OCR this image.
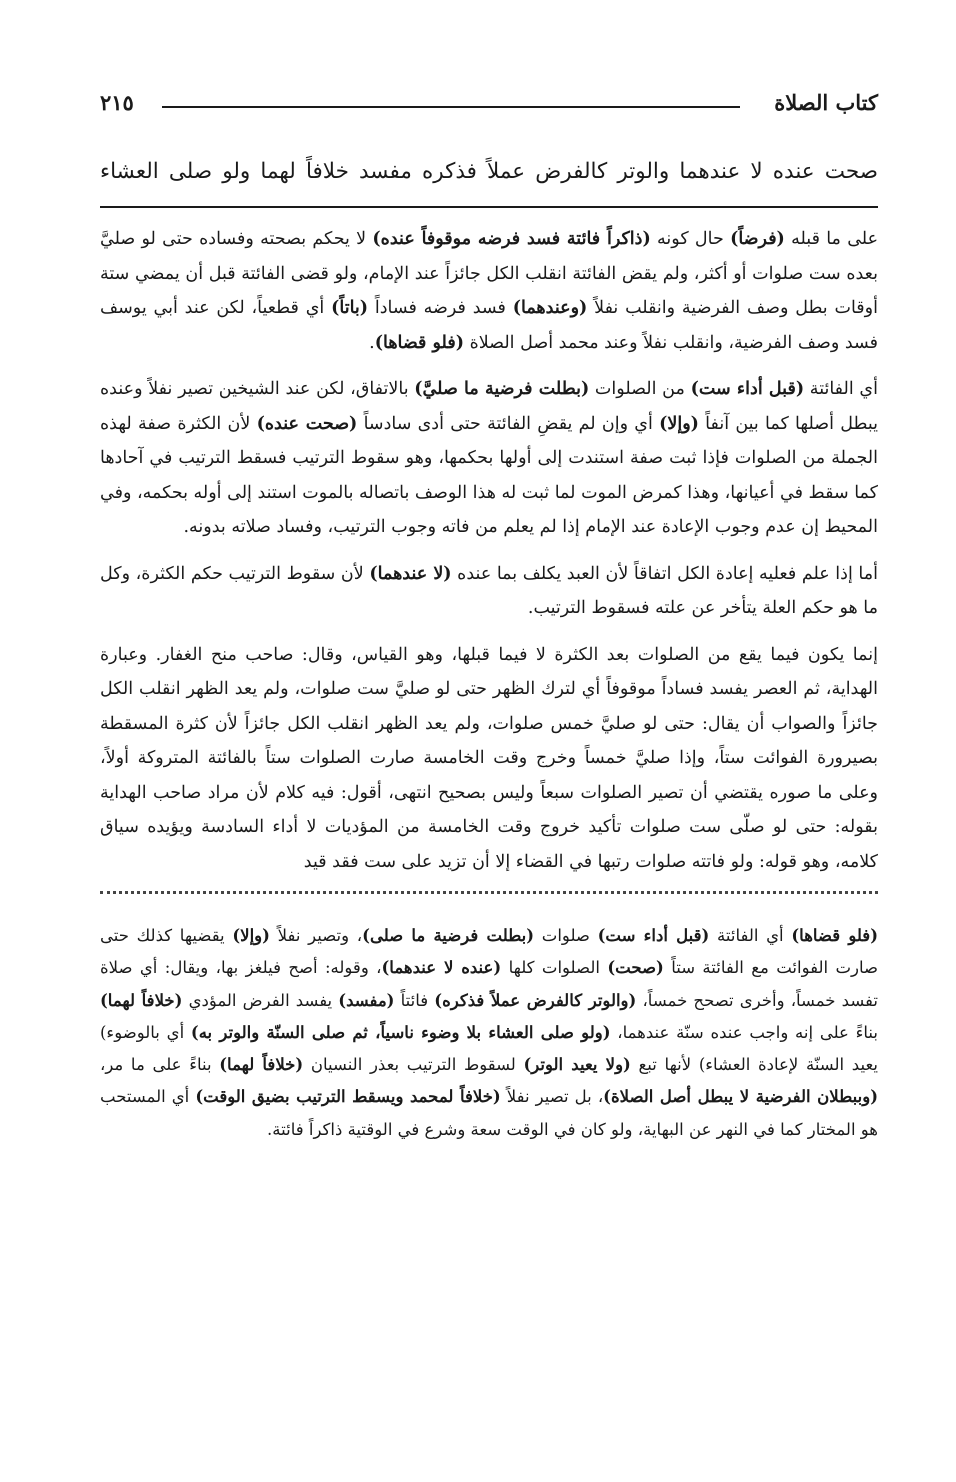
كتاب الصلاة
٢١٥
صحت عنده لا عندهما والوتر كالفرض عملاً فذكره مفسد خلافاً لهما ولو صلى العشاء

على ما قبله (فرضاً) حال كونه (ذاكراً فائتة فسد فرضه موقوفاً عنده) لا يحكم بصحته وفساده حتى لو صليَّ بعده ست صلوات أو أكثر، ولم يقض الفائتة انقلب الكل جائزاً عند الإمام، ولو قضى الفائتة قبل أن يمضي ستة أوقات بطل وصف الفرضية وانقلب نفلاً (وعندهما) فسد فرضه فساداً (باتاً) أي قطعياً، لكن عند أبي يوسف فسد وصف الفرضية، وانقلب نفلاً وعند محمد أصل الصلاة (فلو قضاها).

أي الفائتة (قبل أداء ست) من الصلوات (بطلت فرضية ما صليَّ) بالاتفاق، لكن عند الشيخين تصير نفلاً وعنده يبطل أصلها كما بين آنفاً (وإلا) أي وإن لم يقضِ الفائتة حتى أدى سادساً (صحت عنده) لأن الكثرة صفة لهذه الجملة من الصلوات فإذا ثبت صفة استندت إلى أولها بحكمها، وهو سقوط الترتيب فسقط الترتيب في آحادها كما سقط في أعيانها، وهذا كمرض الموت لما ثبت له هذا الوصف باتصاله بالموت استند إلى أوله بحكمه، وفي المحيط إن عدم وجوب الإعادة عند الإمام إذا لم يعلم من فاته وجوب الترتيب، وفساد صلاته بدونه.

أما إذا علم فعليه إعادة الكل اتفاقاً لأن العبد يكلف بما عنده (لا عندهما) لأن سقوط الترتيب حكم الكثرة، وكل ما هو حكم العلة يتأخر عن علته فسقوط الترتيب.

إنما يكون فيما يقع من الصلوات بعد الكثرة لا فيما قبلها، وهو القياس، وقال: صاحب منح الغفار. وعبارة الهداية، ثم العصر يفسد فساداً موقوفاً أي لترك الظهر حتى لو صليَّ ست صلوات، ولم يعد الظهر انقلب الكل جائزاً والصواب أن يقال: حتى لو صليَّ خمس صلوات، ولم يعد الظهر انقلب الكل جائزاً لأن كثرة المسقطة بصيرورة الفوائت ستاً، وإذا صليَّ خمساً وخرج وقت الخامسة صارت الصلوات ستاً بالفائتة المتروكة أولاً، وعلى ما صوره يقتضي أن تصير الصلوات سبعاً وليس بصحيح انتهى، أقول: فيه كلام لأن مراد صاحب الهداية بقوله: حتى لو صلّى ست صلوات تأكيد خروج وقت الخامسة من المؤديات لا أداء السادسة ويؤيده سياق كلامه، وهو قوله: ولو فاتته صلوات رتبها في القضاء إلا أن تزيد على ست فقد قيد

(فلو قضاها) أي الفائتة (قبل أداء ست) صلوات (بطلت فرضية ما صلى)، وتصير نفلاً (وإلا) يقضيها كذلك حتى صارت الفوائت مع الفائتة ستاً (صحت) الصلوات كلها (عنده لا عندهما)، وقوله: أصح فيلغز بها، ويقال: أي صلاة تفسد خمساً، وأخرى تصحح خمساً، (والوتر كالفرض عملاً فذكره) فائتاً (مفسد) يفسد الفرض المؤدي (خلافاً لهما) بناءً على إنه واجب عنده سنّة عندهما، (ولو صلى العشاء بلا وضوء ناسياً، ثم صلى السنّة والوتر به) أي بالوضوء) يعيد السنّة لإعادة العشاء) لأنها تبع (ولا يعيد الوتر) لسقوط الترتيب بعذر النسيان (خلافاً لهما) بناءً على ما مر، (وببطلان الفرضية لا يبطل أصل الصلاة)، بل تصير نفلاً (خلافاً لمحمد ويسقط الترتيب بضيق الوقت) أي المستحب هو المختار كما في النهر عن البهاية، ولو كان في الوقت سعة وشرع في الوقتية ذاكراً فائتة.
